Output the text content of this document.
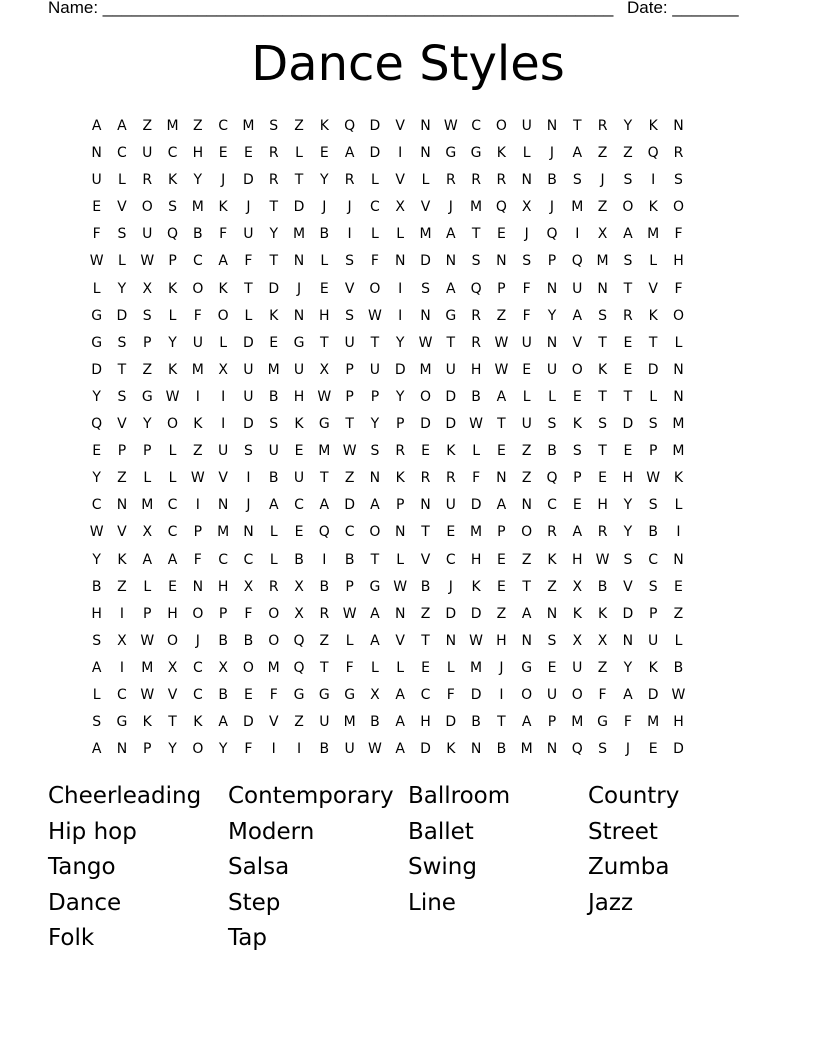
Name: ______________________________________________________ Date: _______
Dance Styles
A	A	Z	M	Z	C	M	S	Z	K	Q	D	V	N W C	O	U	N	T	R	Y	K	N
N	C	U	C	H	E	E	R	L	E	A	D	I	N	G	G	K	L	J	A	Z	Z	Q	R
U	L	R	K	Y	J	D	R	T	Y	R	L	V	L	R	R	R	N	B	S	J	S	I	S
E	V	O	S	M	K	J	T	D	J	J	C	X	V	J	M Q	X	J	M	Z	O	K	O
F	S	U	Q	B	F	U	Y	M	B	I	L	L	M	A	T	E	J	Q	I	X	A	M	F
W	L	W	P	C	A	F	T	N	L	S	F	N	D	N	S	N	S	P	Q M	S	L	H
L	Y	X	K	O	K	T	D	J	E	V	O	I	S	A	Q	P	F	N	U	N	T	V	F
G	D	S	L	F	O	L	K	N	H	S W	I	N	G	R	Z	F	Y	A	S	R	K	O
G	S	P	Y	U	L	D	E	G	T	U	T	Y	W	T	R W U	N	V	T	E	T	L
D	T	Z	K	M	X	U	M	U	X	P	U	D M	U	H W E	U	O	K	E	D	N
Y	S	G W	I	I	U	B	H W	P	P	Y	O	D	B	A	L	L	E	T	T	L	N
Q	V	Y	O	K	I	D	S	K	G	T	Y	P	D	D W	T	U	S	K	S	D	S	M
E	P	P	L	Z	U	S	U	E	M W S	R	E	K	L	E	Z	B	S	T	E	P	M
Y	Z	L	L	W V	I	B	U	T	Z	N	K	R	R	F	N	Z	Q	P	E	H W K
C	N	M	C	I	N	J	A	C	A	D	A	P	N	U	D	A	N	C	E	H	Y	S	L
W V	X	C	P	M	N	L	E	Q	C	O	N	T	E	M	P	O	R	A	R	Y	B	I
Y	K	A	A	F	C	C	L	B	I	B	T	L	V	C	H	E	Z	K	H W S	C	N
B	Z	L	E	N	H	X	R	X	B	P	G W B	J	K	E	T	Z	X	B	V	S	E
H	I	P	H	O	P	F	O	X	R W A	N	Z	D	D	Z	A	N	K	K	D	P	Z
S	X W O	J	B	B	O	Q	Z	L	A	V	T	N W H	N	S	X	X	N	U	L
A	I	M	X	C	X	O M Q	T	F	L	L	E	L	M	J	G	E	U	Z	Y	K	B
L	C W V	C	B	E	F	G	G	G	X	A	C	F	D	I	O	U	O	F	A	D W
S	G	K	T	K	A	D	V	Z	U	M	B	A	H	D	B	T	A	P	M G	F	M H
A	N	P	Y	O	Y	F	I	I	B	U W A	D	K	N	B	M	N	Q	S	J	E	D
Cheerleading	Contemporary Ballroom	Country
Hip hop	Modern	Ballet	Street
Tango	Salsa	Swing	Zumba
Dance	Step	Line	Jazz
Folk	Tap
